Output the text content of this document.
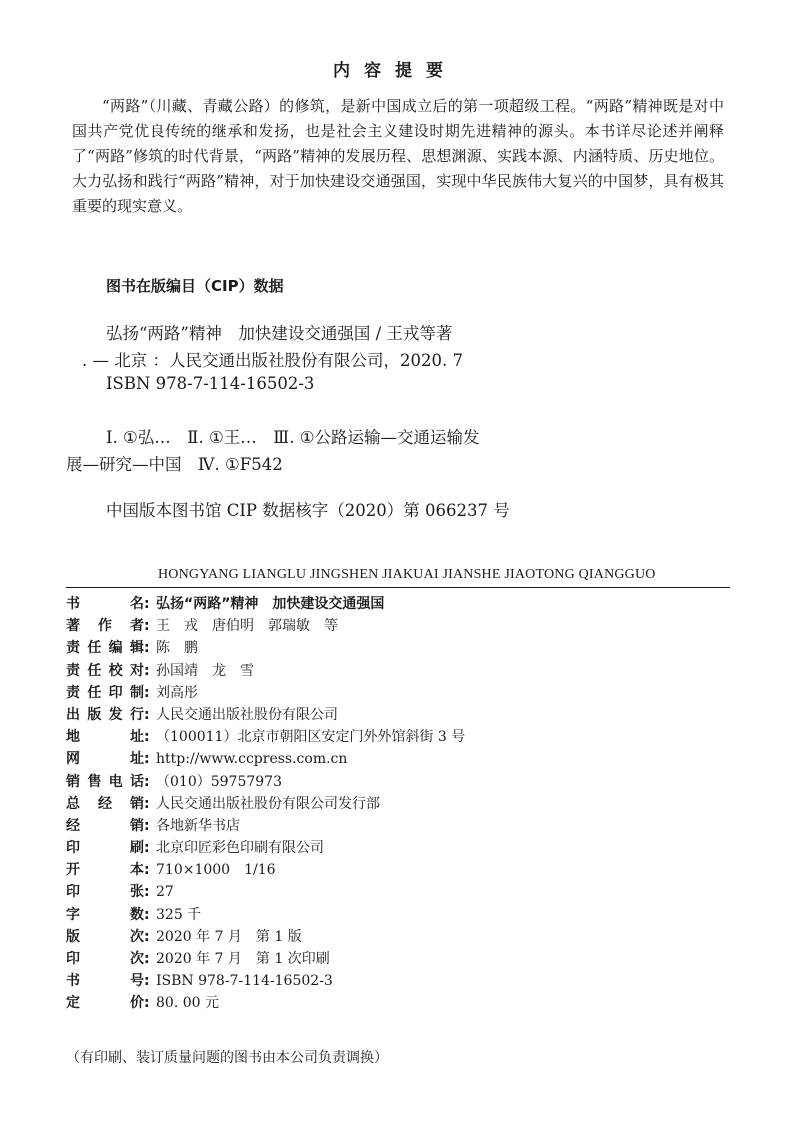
内容提要
“两路”（川藏、青藏公路）的修筑，是新中国成立后的第一项超级工程。“两路”精神既是对中国共产党优良传统的继承和发扬，也是社会主义建设时期先进精神的源头。本书详尽论述并阐释了“两路”修筑的时代背景，“两路”精神的发展历程、思想渊源、实践本源、内涵特质、历史地位。大力弘扬和践行“两路”精神，对于加快建设交通强国，实现中华民族伟大复兴的中国梦，具有极其重要的现实意义。
图书在版编目（CIP）数据
弘扬“两路”精神　加快建设交通强国 / 王戎等著
. — 北京 ：人民交通出版社股份有限公司，2020. 7
ISBN 978-7-114-16502-3
Ⅰ. ①弘…　Ⅱ. ①王…　Ⅲ. ①公路运输—交通运输发
展—研究—中国　Ⅳ. ①F542
中国版本图书馆 CIP 数据核字（2020）第 066237 号
HONGYANG LIANGLU JINGSHEN JIAKUAI JIANSHE JIAOTONG QIANGGUO
书名 : 弘扬“两路”精神　加快建设交通强国
著作者 : 王　戎　唐伯明　郭瑞敏　等
责任编辑 : 陈　鹏
责任校对 : 孙国靖　龙　雪
责任印制 : 刘高彤
出版发行 : 人民交通出版社股份有限公司
地址 : （100011）北京市朝阳区安定门外外馆斜街 3 号
网址 : http://www.ccpress.com.cn
销售电话 : （010）59757973
总经销 : 人民交通出版社股份有限公司发行部
经销 : 各地新华书店
印刷 : 北京印匠彩色印刷有限公司
开本 : 710×1000　1/16
印张 : 27
字数 : 325 千
版次 : 2020 年 7 月　第 1 版
印次 : 2020 年 7 月　第 1 次印刷
书号 : ISBN 978-7-114-16502-3
定价 : 80. 00 元
（有印刷、装订质量问题的图书由本公司负责调换）
